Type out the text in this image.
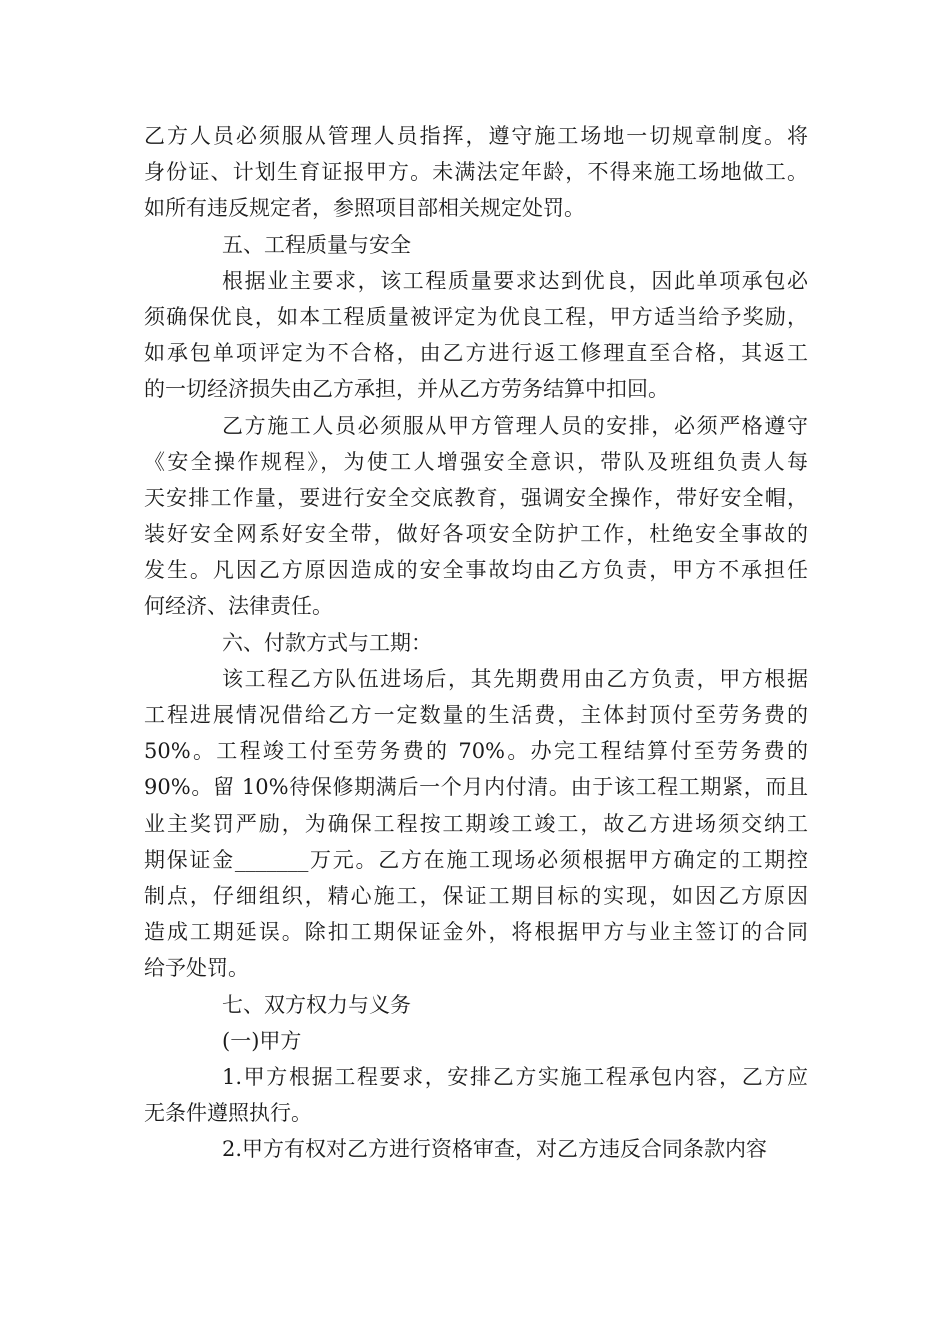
乙方人员必须服从管理人员指挥，遵守施工场地一切规章制度。将
身份证、计划生育证报甲方。未满法定年龄，不得来施工场地做工。
如所有违反规定者，参照项目部相关规定处罚。
五、工程质量与安全
根据业主要求，该工程质量要求达到优良，因此单项承包必
须确保优良，如本工程质量被评定为优良工程，甲方适当给予奖励，
如承包单项评定为不合格，由乙方进行返工修理直至合格，其返工
的一切经济损失由乙方承担，并从乙方劳务结算中扣回。
乙方施工人员必须服从甲方管理人员的安排，必须严格遵守
《安全操作规程》，为使工人增强安全意识，带队及班组负责人每
天安排工作量，要进行安全交底教育，强调安全操作，带好安全帽，
装好安全网系好安全带，做好各项安全防护工作，杜绝安全事故的
发生。凡因乙方原因造成的安全事故均由乙方负责，甲方不承担任
何经济、法律责任。
六、付款方式与工期：
该工程乙方队伍进场后，其先期费用由乙方负责，甲方根据
工程进展情况借给乙方一定数量的生活费，主体封顶付至劳务费的
50%。工程竣工付至劳务费的 70%。办完工程结算付至劳务费的
90%。留 10%待保修期满后一个月内付清。由于该工程工期紧，而且
业主奖罚严励，为确保工程按工期竣工竣工，故乙方进场须交纳工
期保证金_______万元。乙方在施工现场必须根据甲方确定的工期控
制点，仔细组织，精心施工，保证工期目标的实现，如因乙方原因
造成工期延误。除扣工期保证金外，将根据甲方与业主签订的合同
给予处罚。
七、双方权力与义务
(一)甲方
1.甲方根据工程要求，安排乙方实施工程承包内容，乙方应
无条件遵照执行。
2.甲方有权对乙方进行资格审查，对乙方违反合同条款内容
